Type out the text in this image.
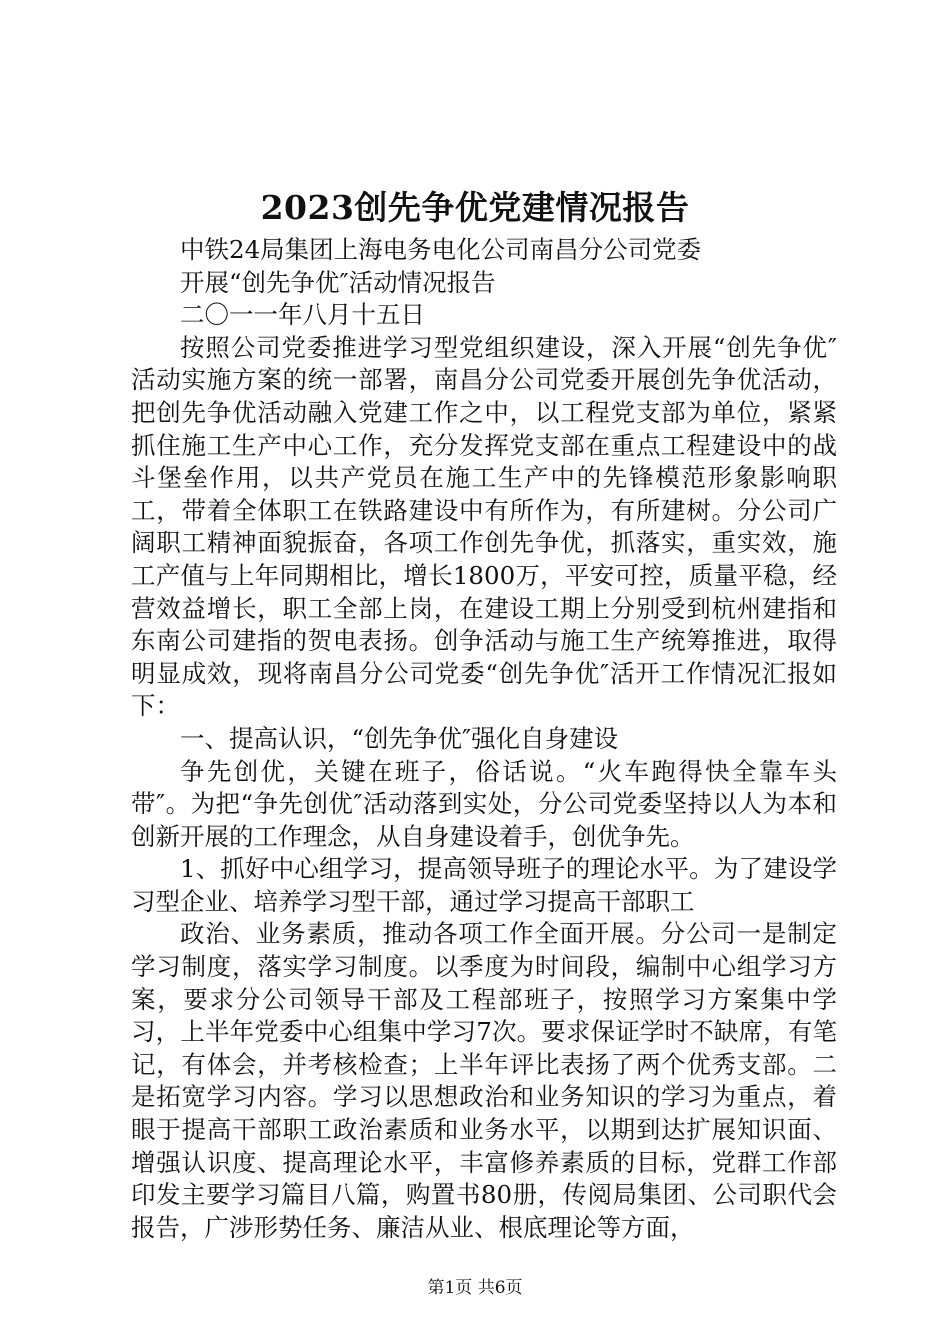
2023创先争优党建情况报告

中铁24局集团上海电务电化公司南昌分公司党委

开展“创先争优″活动情况报告

二〇一一年八月十五日

按照公司党委推进学习型党组织建设，深入开展“创先争优″活动实施方案的统一部署，南昌分公司党委开展创先争优活动，把创先争优活动融入党建工作之中，以工程党支部为单位，紧紧抓住施工生产中心工作，充分发挥党支部在重点工程建设中的战斗堡垒作用，以共产党员在施工生产中的先锋模范形象影响职工，带着全体职工在铁路建设中有所作为，有所建树。分公司广阔职工精神面貌振奋，各项工作创先争优，抓落实，重实效，施工产值与上年同期相比，增长1800万，平安可控，质量平稳，经营效益增长，职工全部上岗，在建设工期上分别受到杭州建指和东南公司建指的贺电表扬。创争活动与施工生产统筹推进，取得明显成效，现将南昌分公司党委“创先争优″活开工作情况汇报如下：

一、提高认识，“创先争优″强化自身建设

争先创优，关键在班子，俗话说。“火车跑得快全靠车头带″。为把“争先创优″活动落到实处，分公司党委坚持以人为本和创新开展的工作理念，从自身建设着手，创优争先。

1、抓好中心组学习，提高领导班子的理论水平。为了建设学习型企业、培养学习型干部，通过学习提高干部职工

政治、业务素质，推动各项工作全面开展。分公司一是制定学习制度，落实学习制度。以季度为时间段，编制中心组学习方案，要求分公司领导干部及工程部班子，按照学习方案集中学习，上半年党委中心组集中学习7次。要求保证学时不缺席，有笔记，有体会，并考核检查；上半年评比表扬了两个优秀支部。二是拓宽学习内容。学习以思想政治和业务知识的学习为重点，着眼于提高干部职工政治素质和业务水平，以期到达扩展知识面、增强认识度、提高理论水平，丰富修养素质的目标，党群工作部印发主要学习篇目八篇，购置书80册，传阅局集团、公司职代会报告，广涉形势任务、廉洁从业、根底理论等方面，

第1页 共6页
